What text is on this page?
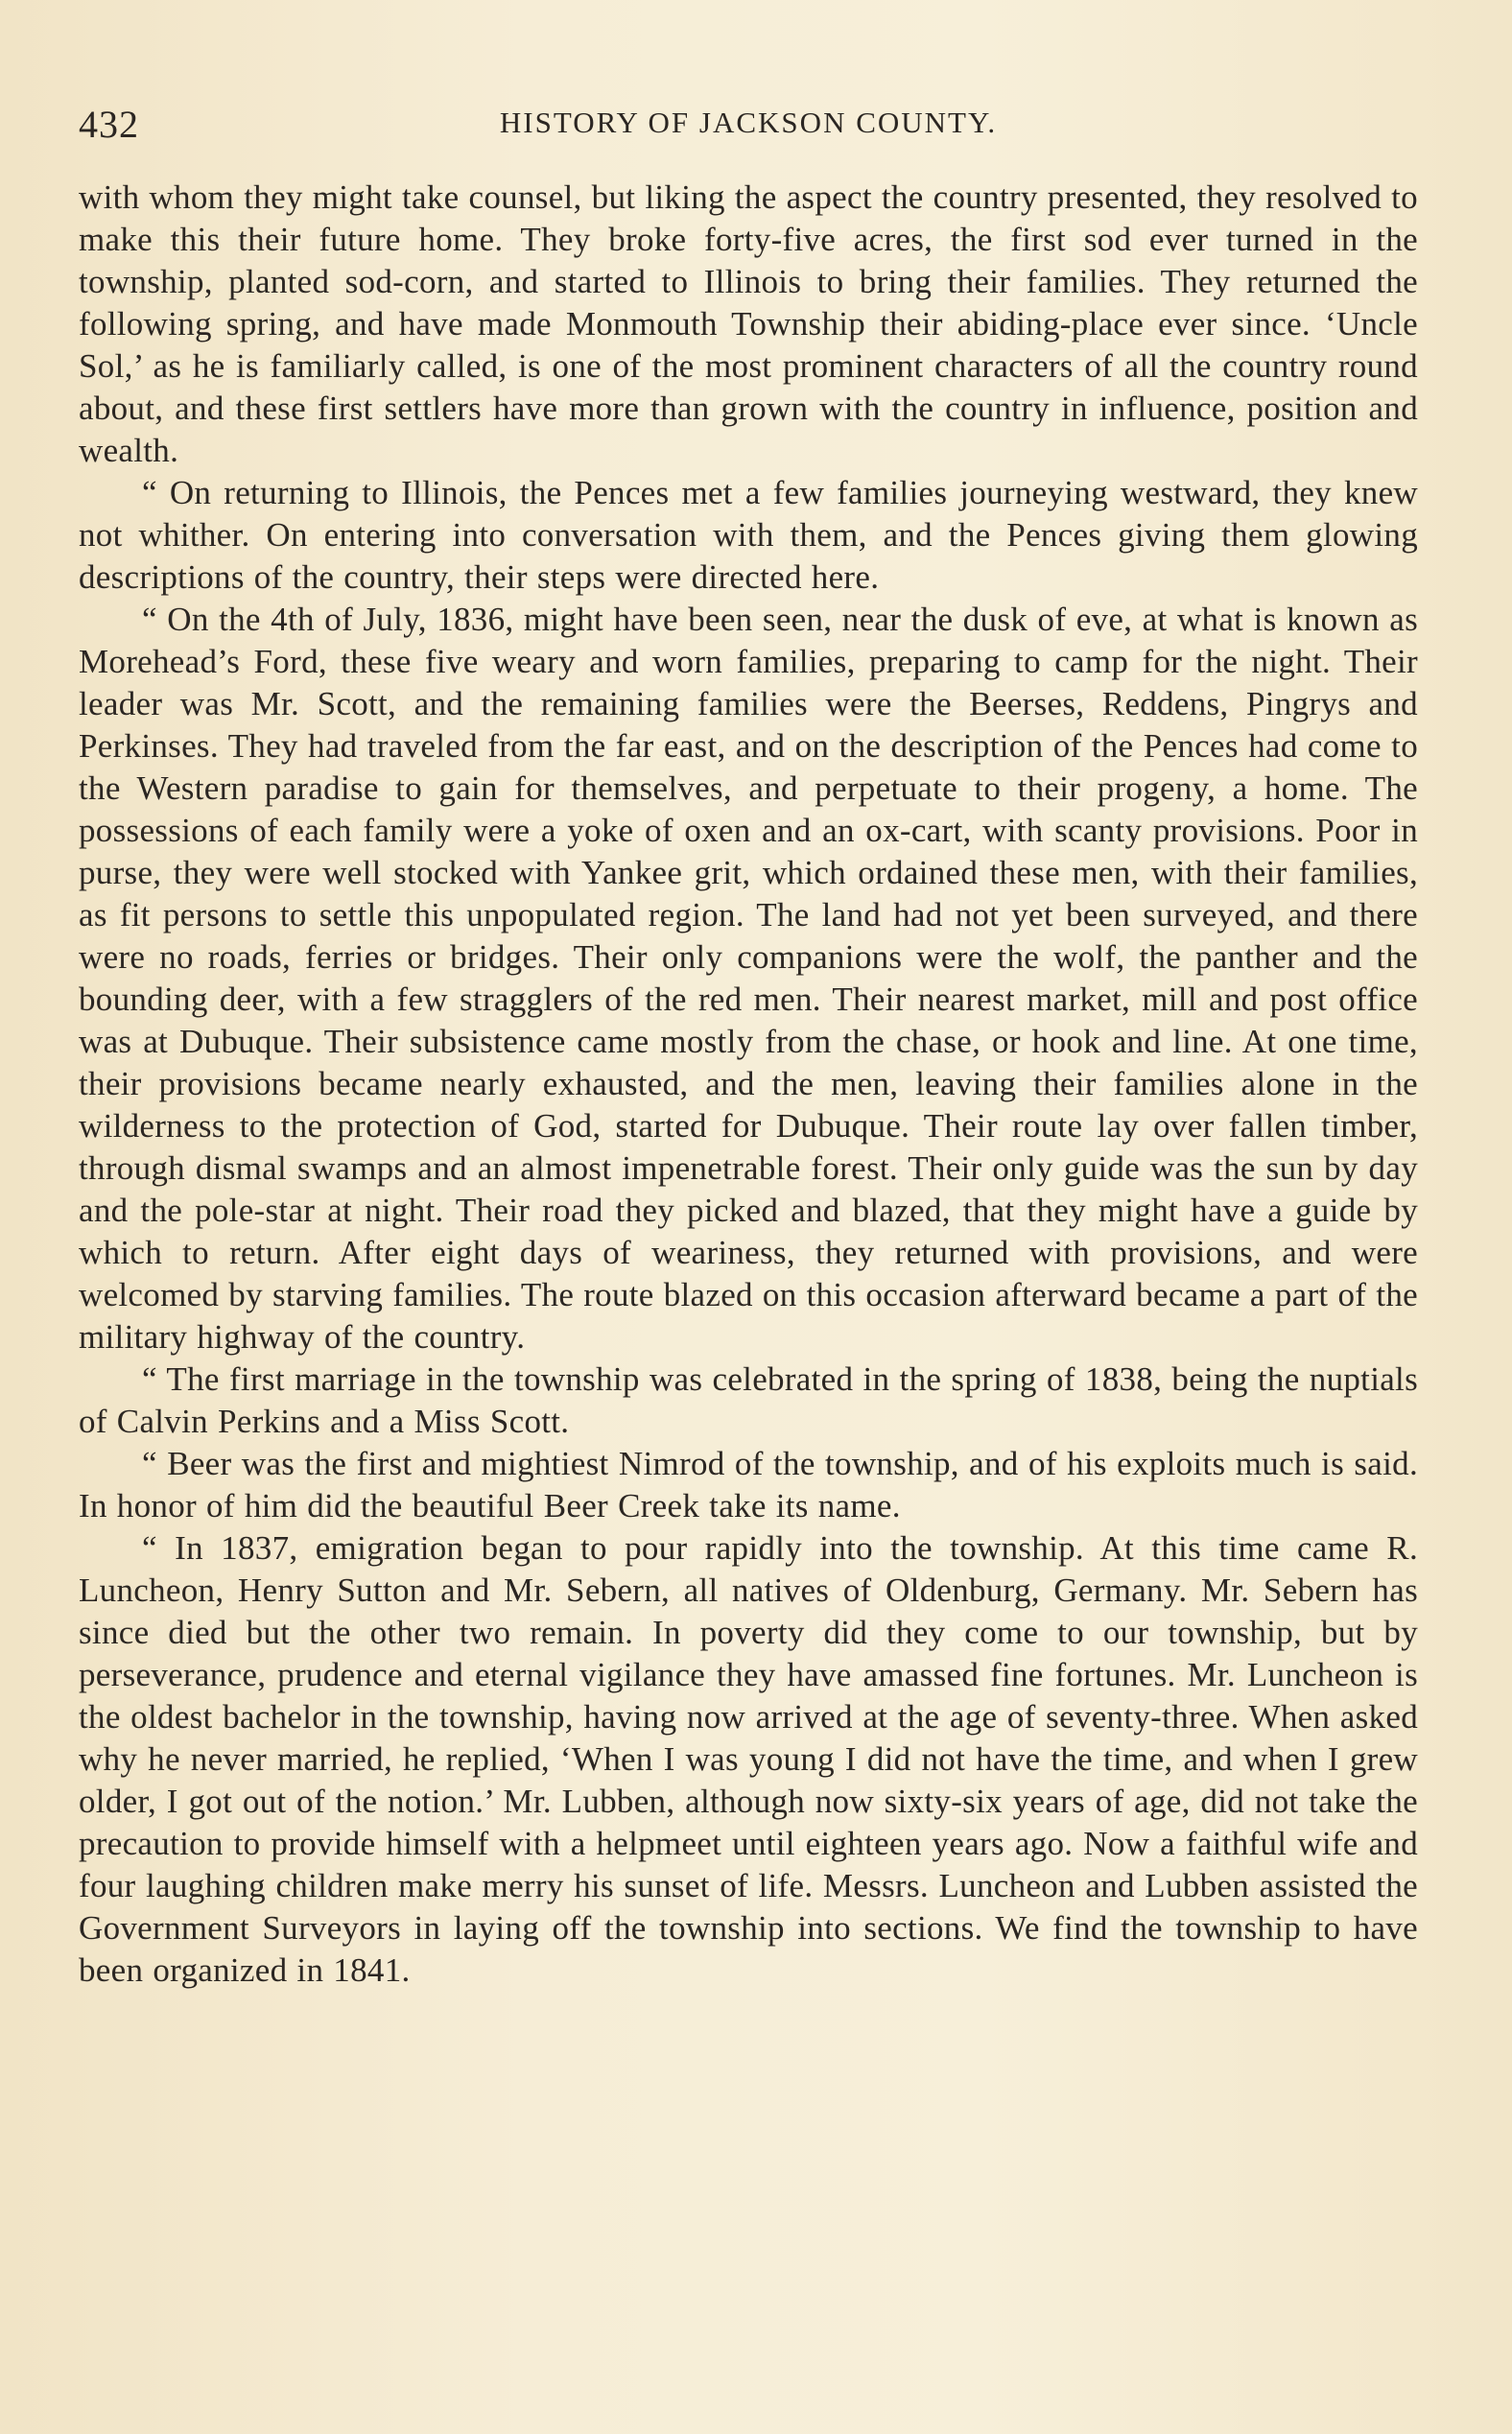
432	HISTORY OF JACKSON COUNTY.

with whom they might take counsel, but liking the aspect the country presented, they resolved to make this their future home. They broke forty-five acres, the first sod ever turned in the township, planted sod-corn, and started to Illinois to bring their families. They returned the following spring, and have made Monmouth Township their abiding-place ever since. ‘Uncle Sol,’ as he is familiarly called, is one of the most prominent characters of all the country round about, and these first settlers have more than grown with the country in influence, position and wealth.

“ On returning to Illinois, the Pences met a few families journeying westward, they knew not whither. On entering into conversation with them, and the Pences giving them glowing descriptions of the country, their steps were directed here.

“ On the 4th of July, 1836, might have been seen, near the dusk of eve, at what is known as Morehead’s Ford, these five weary and worn families, preparing to camp for the night. Their leader was Mr. Scott, and the remaining families were the Beerses, Reddens, Pingrys and Perkinses. They had traveled from the far east, and on the description of the Pences had come to the Western paradise to gain for themselves, and perpetuate to their progeny, a home. The possessions of each family were a yoke of oxen and an ox-cart, with scanty provisions. Poor in purse, they were well stocked with Yankee grit, which ordained these men, with their families, as fit persons to settle this unpopulated region. The land had not yet been surveyed, and there were no roads, ferries or bridges. Their only companions were the wolf, the panther and the bounding deer, with a few stragglers of the red men. Their nearest market, mill and post office was at Dubuque. Their subsistence came mostly from the chase, or hook and line. At one time, their provisions became nearly exhausted, and the men, leaving their families alone in the wilderness to the protection of God, started for Dubuque. Their route lay over fallen timber, through dismal swamps and an almost impenetrable forest. Their only guide was the sun by day and the pole-star at night. Their road they picked and blazed, that they might have a guide by which to return. After eight days of weariness, they returned with provisions, and were welcomed by starving families. The route blazed on this occasion afterward became a part of the military highway of the country.

“ The first marriage in the township was celebrated in the spring of 1838, being the nuptials of Calvin Perkins and a Miss Scott.

“ Beer was the first and mightiest Nimrod of the township, and of his exploits much is said. In honor of him did the beautiful Beer Creek take its name.

“ In 1837, emigration began to pour rapidly into the township. At this time came R. Luncheon, Henry Sutton and Mr. Sebern, all natives of Oldenburg, Germany. Mr. Sebern has since died but the other two remain. In poverty did they come to our township, but by perseverance, prudence and eternal vigilance they have amassed fine fortunes. Mr. Luncheon is the oldest bachelor in the township, having now arrived at the age of seventy-three. When asked why he never married, he replied, ‘When I was young I did not have the time, and when I grew older, I got out of the notion.’ Mr. Lubben, although now sixty-six years of age, did not take the precaution to provide himself with a helpmeet until eighteen years ago. Now a faithful wife and four laughing children make merry his sunset of life. Messrs. Luncheon and Lubben assisted the Government Surveyors in laying off the township into sections. We find the township to have been organized in 1841.
